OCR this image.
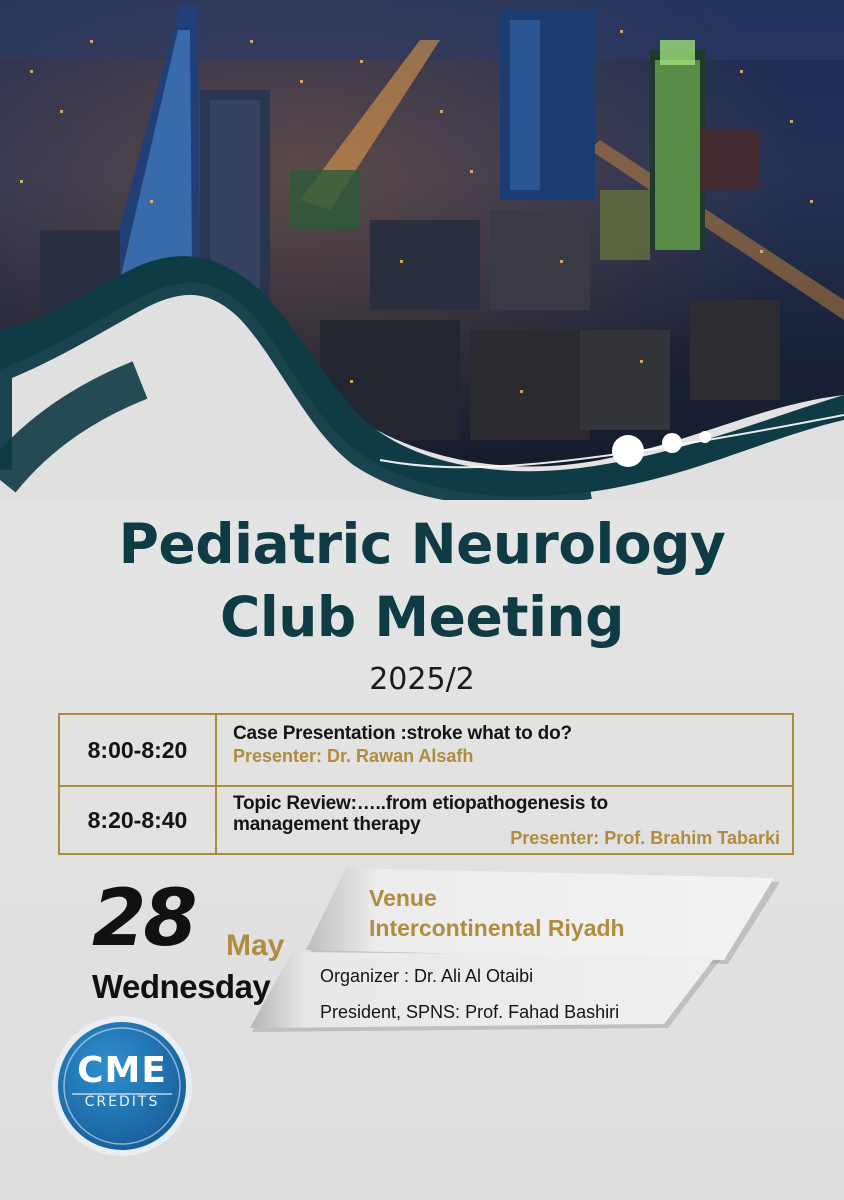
Pediatric Neurology
Club Meeting
2025/2
8:00-8:20	Case Presentation :stroke what to do?
Presenter: Dr. Rawan Alsafh

8:20-8:40	Topic Review:…..from etiopathogenesis to
management therapy
Presenter: Prof. Brahim Tabarki
Venue
Intercontinental Riyadh
Organizer : Dr. Ali Al Otaibi
President, SPNS: Prof. Fahad Bashiri
28 May
Wednesday
CME
CREDITS
